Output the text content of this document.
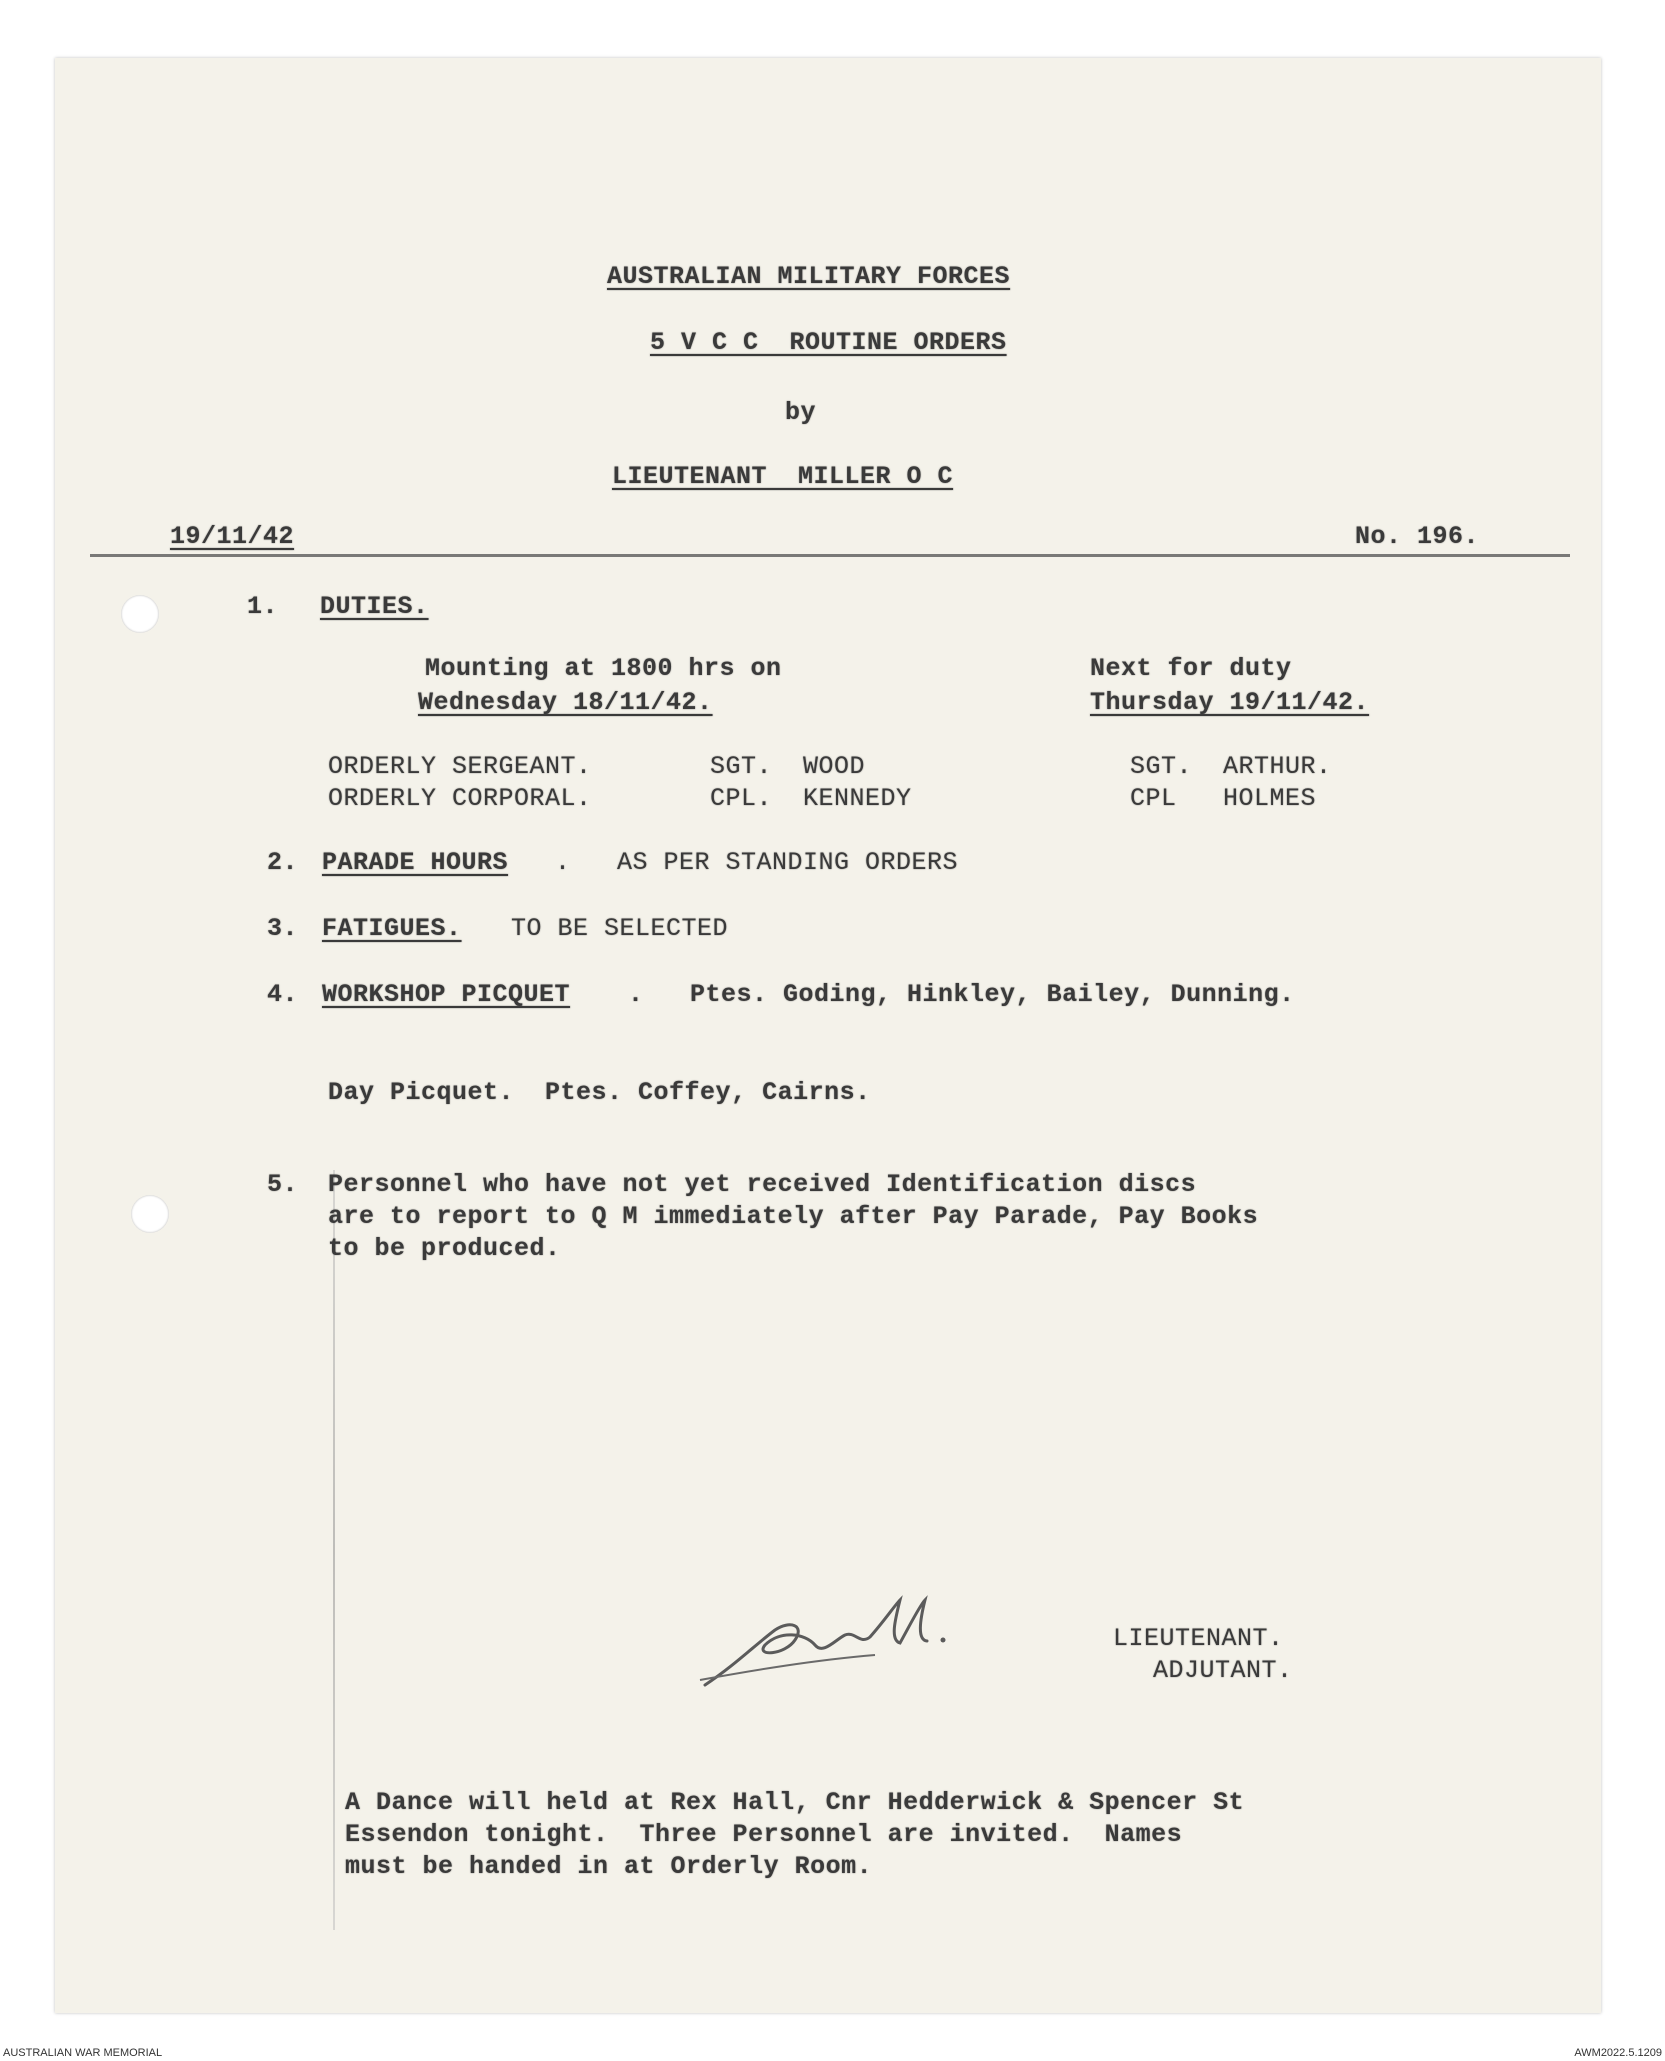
AUSTRALIAN MILITARY FORCES
5 V C C  ROUTINE ORDERS
by
LIEUTENANT  MILLER O C
19/11/42	No. 196.
1. DUTIES.
Mounting at 1800 hrs on
Wednesday 18/11/42.
Next for duty
Thursday 19/11/42.
ORDERLY SERGEANT.	SGT.  WOOD	SGT.  ARTHUR.
ORDERLY CORPORAL.	CPL.  KENNEDY	CPL   HOLMES
2. PARADE HOURS .   AS PER STANDING ORDERS
3. FATIGUES. TO BE SELECTED
4. WORKSHOP PICQUET .   Ptes. Goding, Hinkley, Bailey, Dunning.
Day Picquet.  Ptes. Coffey, Cairns.
5. Personnel who have not yet received Identification discs
are to report to Q M immediately after Pay Parade, Pay Books
to be produced.
LIEUTENANT.
ADJUTANT.
A Dance will held at Rex Hall, Cnr Hedderwick & Spencer St
Essendon tonight.  Three Personnel are invited.  Names
must be handed in at Orderly Room.
AUSTRALIAN WAR MEMORIAL	AWM2022.5.1209
